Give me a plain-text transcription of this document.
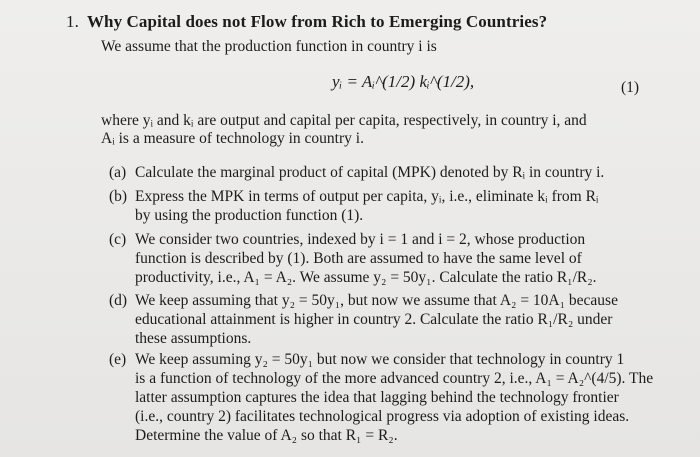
1. Why Capital does not Flow from Rich to Emerging Countries?
We assume that the production function in country i is
yᵢ = Aᵢ^(1/2) kᵢ^(1/2),	(1)
where yᵢ and kᵢ are output and capital per capita, respectively, in country i, and
Aᵢ is a measure of technology in country i.
(a) Calculate the marginal product of capital (MPK) denoted by Rᵢ in country i.
(b) Express the MPK in terms of output per capita, yᵢ, i.e., eliminate kᵢ from Rᵢ
by using the production function (1).
(c) We consider two countries, indexed by i = 1 and i = 2, whose production
function is described by (1). Both are assumed to have the same level of
productivity, i.e., A₁ = A₂. We assume y₂ = 50y₁. Calculate the ratio R₁/R₂.
(d) We keep assuming that y₂ = 50y₁, but now we assume that A₂ = 10A₁ because
educational attainment is higher in country 2. Calculate the ratio R₁/R₂ under
these assumptions.
(e) We keep assuming y₂ = 50y₁ but now we consider that technology in country 1
is a function of technology of the more advanced country 2, i.e., A₁ = A₂^(4/5). The
latter assumption captures the idea that lagging behind the technology frontier
(i.e., country 2) facilitates technological progress via adoption of existing ideas.
Determine the value of A₂ so that R₁ = R₂.
